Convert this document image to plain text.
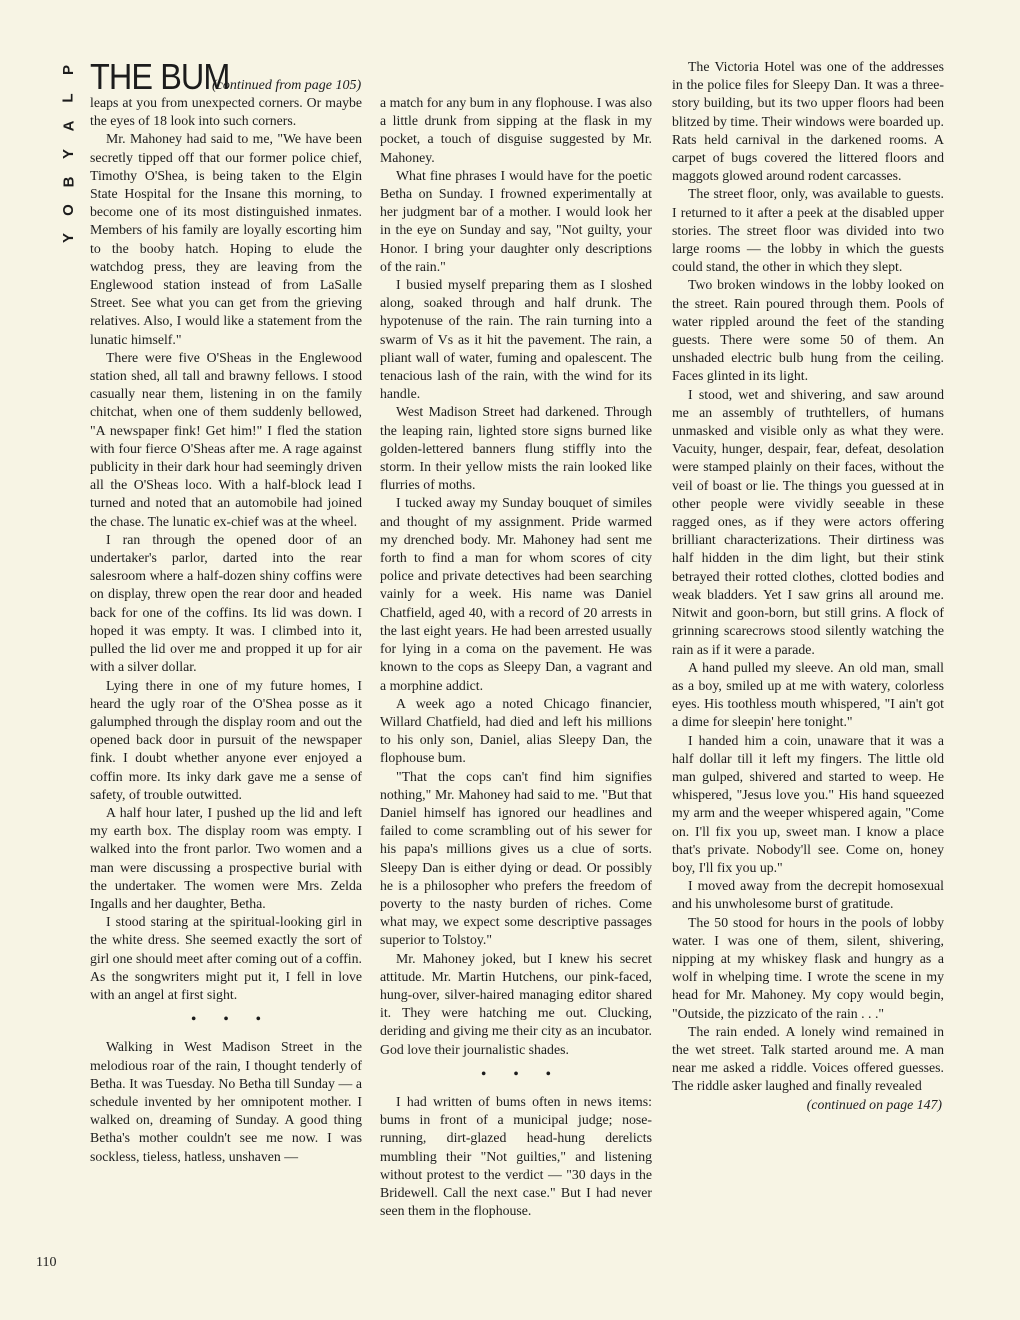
P
L
A
Y
B
O
Y
THE BUM
(continued from page 105)

leaps at you from unexpected corners. Or maybe the eyes of 18 look into such corners.

Mr. Mahoney had said to me, "We have been secretly tipped off that our former police chief, Timothy O'Shea, is being taken to the Elgin State Hospital for the Insane this morning, to become one of its most distinguished inmates. Members of his family are loyally escorting him to the booby hatch. Hoping to elude the watchdog press, they are leaving from the Englewood station instead of from LaSalle Street. See what you can get from the grieving relatives. Also, I would like a statement from the lunatic himself."

There were five O'Sheas in the Englewood station shed, all tall and brawny fellows. I stood casually near them, listening in on the family chitchat, when one of them suddenly bellowed, "A newspaper fink! Get him!" I fled the station with four fierce O'Sheas after me. A rage against publicity in their dark hour had seemingly driven all the O'Sheas loco. With a half-block lead I turned and noted that an automobile had joined the chase. The lunatic ex-chief was at the wheel.

I ran through the opened door of an undertaker's parlor, darted into the rear salesroom where a half-dozen shiny coffins were on display, threw open the rear door and headed back for one of the coffins. Its lid was down. I hoped it was empty. It was. I climbed into it, pulled the lid over me and propped it up for air with a silver dollar.

Lying there in one of my future homes, I heard the ugly roar of the O'Shea posse as it galumphed through the display room and out the opened back door in pursuit of the newspaper fink. I doubt whether anyone ever enjoyed a coffin more. Its inky dark gave me a sense of safety, of trouble outwitted.

A half hour later, I pushed up the lid and left my earth box. The display room was empty. I walked into the front parlor. Two women and a man were discussing a prospective burial with the undertaker. The women were Mrs. Zelda Ingalls and her daughter, Betha.

I stood staring at the spiritual-looking girl in the white dress. She seemed exactly the sort of girl one should meet after coming out of a coffin. As the songwriters might put it, I fell in love with an angel at first sight.

• • •

Walking in West Madison Street in the melodious roar of the rain, I thought tenderly of Betha. It was Tuesday. No Betha till Sunday — a schedule invented by her omnipotent mother. I walked on, dreaming of Sunday. A good thing Betha's mother couldn't see me now. I was sockless, tieless, hatless, unshaven —

a match for any bum in any flophouse. I was also a little drunk from sipping at the flask in my pocket, a touch of disguise suggested by Mr. Mahoney.

What fine phrases I would have for the poetic Betha on Sunday. I frowned experimentally at her judgment bar of a mother. I would look her in the eye on Sunday and say, "Not guilty, your Honor. I bring your daughter only descriptions of the rain."

I busied myself preparing them as I sloshed along, soaked through and half drunk. The hypotenuse of the rain. The rain turning into a swarm of Vs as it hit the pavement. The rain, a pliant wall of water, fuming and opalescent. The tenacious lash of the rain, with the wind for its handle.

West Madison Street had darkened. Through the leaping rain, lighted store signs burned like golden-lettered banners flung stiffly into the storm. In their yellow mists the rain looked like flurries of moths.

I tucked away my Sunday bouquet of similes and thought of my assignment. Pride warmed my drenched body. Mr. Mahoney had sent me forth to find a man for whom scores of city police and private detectives had been searching vainly for a week. His name was Daniel Chatfield, aged 40, with a record of 20 arrests in the last eight years. He had been arrested usually for lying in a coma on the pavement. He was known to the cops as Sleepy Dan, a vagrant and a morphine addict.

A week ago a noted Chicago financier, Willard Chatfield, had died and left his millions to his only son, Daniel, alias Sleepy Dan, the flophouse bum.

"That the cops can't find him signifies nothing," Mr. Mahoney had said to me. "But that Daniel himself has ignored our headlines and failed to come scrambling out of his sewer for his papa's millions gives us a clue of sorts. Sleepy Dan is either dying or dead. Or possibly he is a philosopher who prefers the freedom of poverty to the nasty burden of riches. Come what may, we expect some descriptive passages superior to Tolstoy."

Mr. Mahoney joked, but I knew his secret attitude. Mr. Martin Hutchens, our pink-faced, hung-over, silver-haired managing editor shared it. They were hatching me out. Clucking, deriding and giving me their city as an incubator. God love their journalistic shades.

• • •

I had written of bums often in news items: bums in front of a municipal judge; nose-running, dirt-glazed head-hung derelicts mumbling their "Not guilties," and listening without protest to the verdict — "30 days in the Bridewell. Call the next case." But I had never seen them in the flophouse.

The Victoria Hotel was one of the addresses in the police files for Sleepy Dan. It was a three-story building, but its two upper floors had been blitzed by time. Their windows were boarded up. Rats held carnival in the darkened rooms. A carpet of bugs covered the littered floors and maggots glowed around rodent carcasses.

The street floor, only, was available to guests. I returned to it after a peek at the disabled upper stories. The street floor was divided into two large rooms — the lobby in which the guests could stand, the other in which they slept.

Two broken windows in the lobby looked on the street. Rain poured through them. Pools of water rippled around the feet of the standing guests. There were some 50 of them. An unshaded electric bulb hung from the ceiling. Faces glinted in its light.

I stood, wet and shivering, and saw around me an assembly of truthtellers, of humans unmasked and visible only as what they were. Vacuity, hunger, despair, fear, defeat, desolation were stamped plainly on their faces, without the veil of boast or lie. The things you guessed at in other people were vividly seeable in these ragged ones, as if they were actors offering brilliant characterizations. Their dirtiness was half hidden in the dim light, but their stink betrayed their rotted clothes, clotted bodies and weak bladders. Yet I saw grins all around me. Nitwit and goon-born, but still grins. A flock of grinning scarecrows stood silently watching the rain as if it were a parade.

A hand pulled my sleeve. An old man, small as a boy, smiled up at me with watery, colorless eyes. His toothless mouth whispered, "I ain't got a dime for sleepin' here tonight."

I handed him a coin, unaware that it was a half dollar till it left my fingers. The little old man gulped, shivered and started to weep. He whispered, "Jesus love you." His hand squeezed my arm and the weeper whispered again, "Come on. I'll fix you up, sweet man. I know a place that's private. Nobody'll see. Come on, honey boy, I'll fix you up."

I moved away from the decrepit homosexual and his unwholesome burst of gratitude.

The 50 stood for hours in the pools of lobby water. I was one of them, silent, shivering, nipping at my whiskey flask and hungry as a wolf in whelping time. I wrote the scene in my head for Mr. Mahoney. My copy would begin, "Outside, the pizzicato of the rain . . ."

The rain ended. A lonely wind remained in the wet street. Talk started around me. A man near me asked a riddle. Voices offered guesses. The riddle asker laughed and finally revealed

(continued on page 147)
110
